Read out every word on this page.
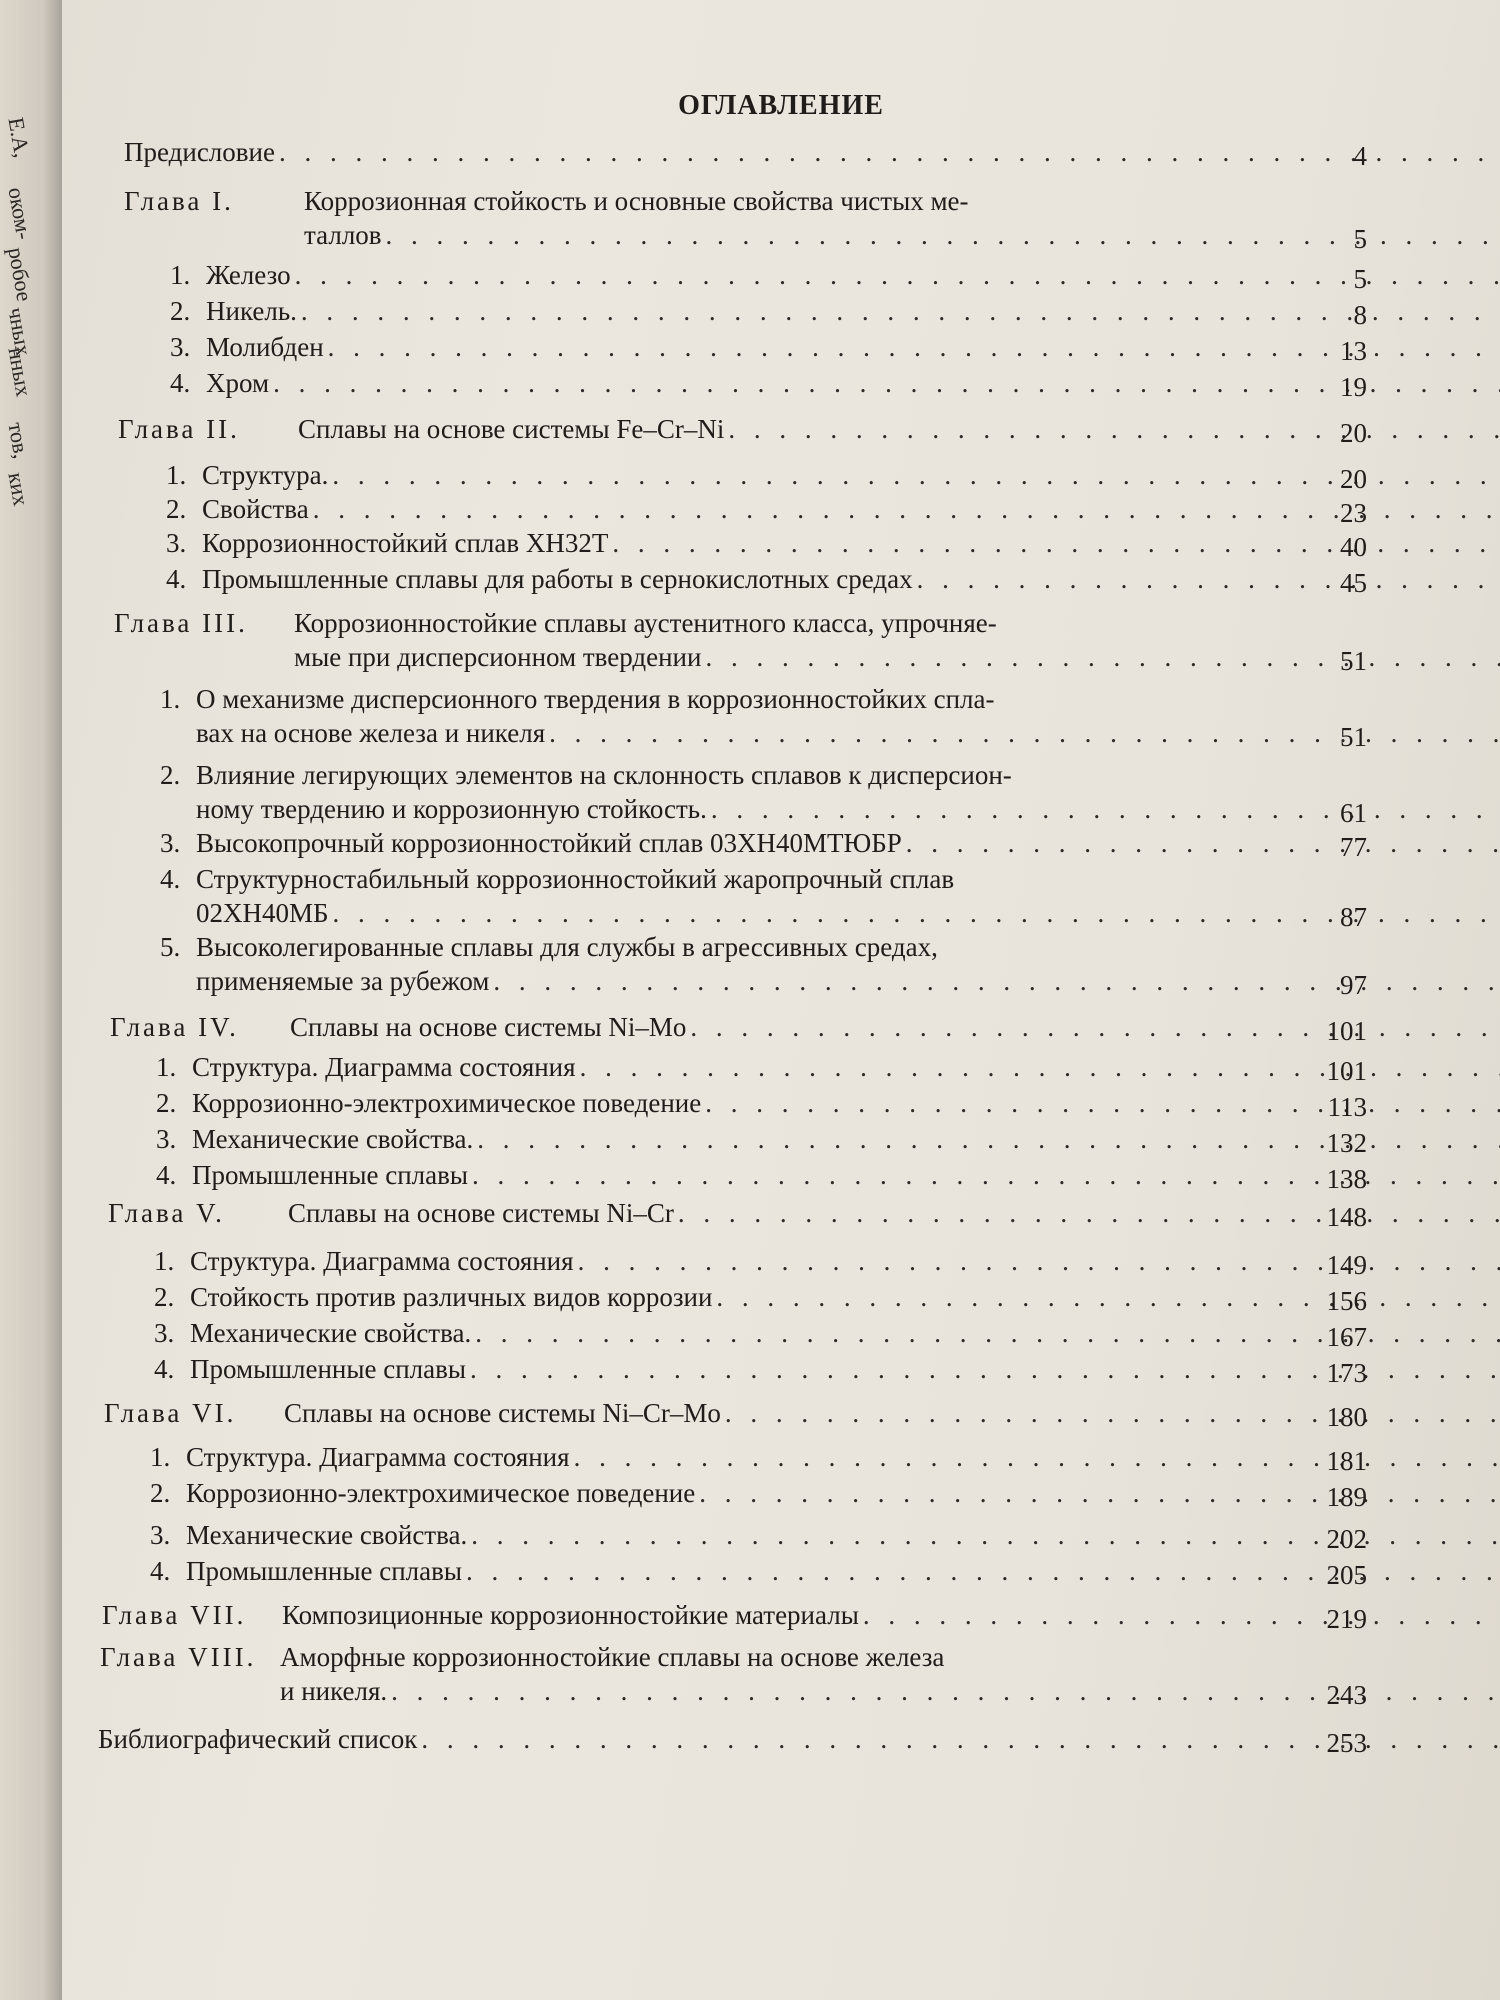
Е.А,
оком-
робое
чных
нных
тов,
ких
ОГЛАВЛЕНИЕ
Предисловие . . .	4
Глава I.	Коррозионная стойкость и основные свойства чистых ме-
таллов . . .	5
1. Железо . . .	5
2. Никель. . . .	8
3. Молибден . . .	13
4. Хром . . .	19
Глава II.	Сплавы на основе системы Fe–Cr–Ni . . .	20
1. Структура. . . .	20
2. Свойства . . .	23
3. Коррозионностойкий сплав ХН32Т . . .	40
4. Промышленные сплавы для работы в сернокислотных средах . . .	45
Глава III.	Коррозионностойкие сплавы аустенитного класса, упрочняе-
мые при дисперсионном твердении . . .	51
1. О механизме дисперсионного твердения в коррозионностойких спла-
вах на основе железа и никеля . . .	51
2. Влияние легирующих элементов на склонность сплавов к дисперсион-
ному твердению и коррозионную стойкость. . . .	61
3. Высокопрочный коррозионностойкий сплав 03ХН40МТЮБР . . .	77
4. Структурностабильный коррозионностойкий жаропрочный сплав
02ХН40МБ . . .	87
5. Высоколегированные сплавы для службы в агрессивных средах,
применяемые за рубежом . . .	97
Глава IV.	Сплавы на основе системы Ni–Mo . . .	101
1. Структура. Диаграмма состояния . . .	101
2. Коррозионно-электрохимическое поведение . . .	113
3. Механические свойства. . . .	132
4. Промышленные сплавы . . .	138
Глава V.	Сплавы на основе системы Ni–Cr . . .	148
1. Структура. Диаграмма состояния . . .	149
2. Стойкость против различных видов коррозии . . .	156
3. Механические свойства. . . .	167
4. Промышленные сплавы . . .	173
Глава VI.	Сплавы на основе системы Ni–Cr–Mo . . .	180
1. Структура. Диаграмма состояния . . .	181
2. Коррозионно-электрохимическое поведение . . .	189
3. Механические свойства. . . .	202
4. Промышленные сплавы . . .	205
Глава VII.	Композиционные коррозионностойкие материалы . . .	219
Глава VIII. Аморфные коррозионностойкие сплавы на основе железа
и никеля. . . .	243
Библиографический список . . .	253
